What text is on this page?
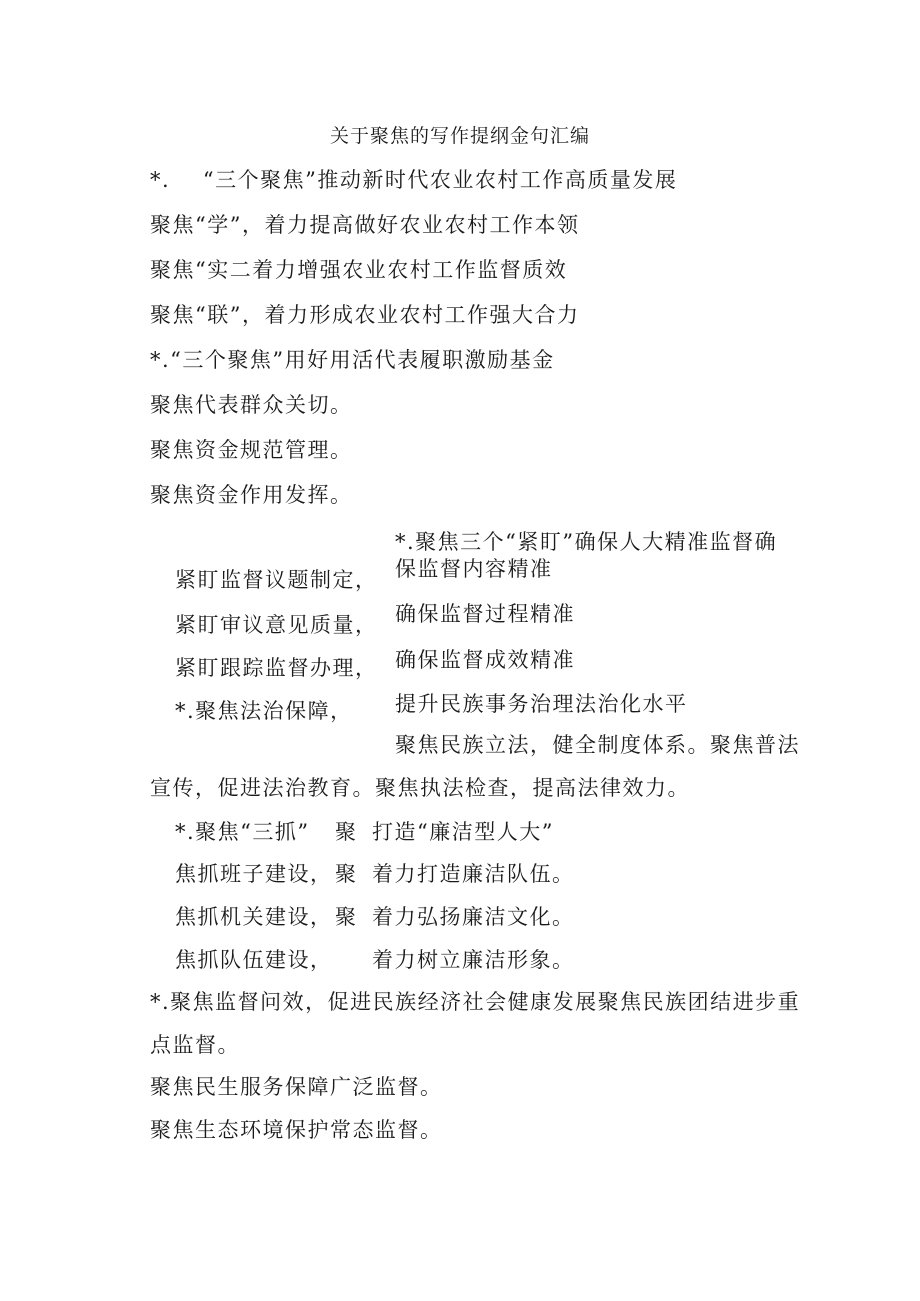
关于聚焦的写作提纲金句汇编
*.    “三个聚焦”推动新时代农业农村工作高质量发展
聚焦“学”，着力提高做好农业农村工作本领
聚焦“实二着力增强农业农村工作监督质效
聚焦“联”，着力形成农业农村工作强大合力
*.“三个聚焦”用好用活代表履职激励基金
聚焦代表群众关切。
聚焦资金规范管理。
聚焦资金作用发挥。
*.聚焦三个“紧盯”确保人大精准监督确
保监督内容精准
紧盯监督议题制定，
紧盯审议意见质量， 确保监督过程精准
紧盯跟踪监督办理， 确保监督成效精准
*.聚焦法治保障， 提升民族事务治理法治化水平
聚焦民族立法，健全制度体系。聚焦普法
宣传，促进法治教育。聚焦执法检查，提高法律效力。
*.聚焦“三抓” 聚 打造“廉洁型人大”
焦抓班子建设， 聚 着力打造廉洁队伍。
焦抓机关建设， 聚 着力弘扬廉洁文化。
焦抓队伍建设， 着力树立廉洁形象。
*.聚焦监督问效，促进民族经济社会健康发展聚焦民族团结进步重
点监督。
聚焦民生服务保障广泛监督。
聚焦生态环境保护常态监督。
